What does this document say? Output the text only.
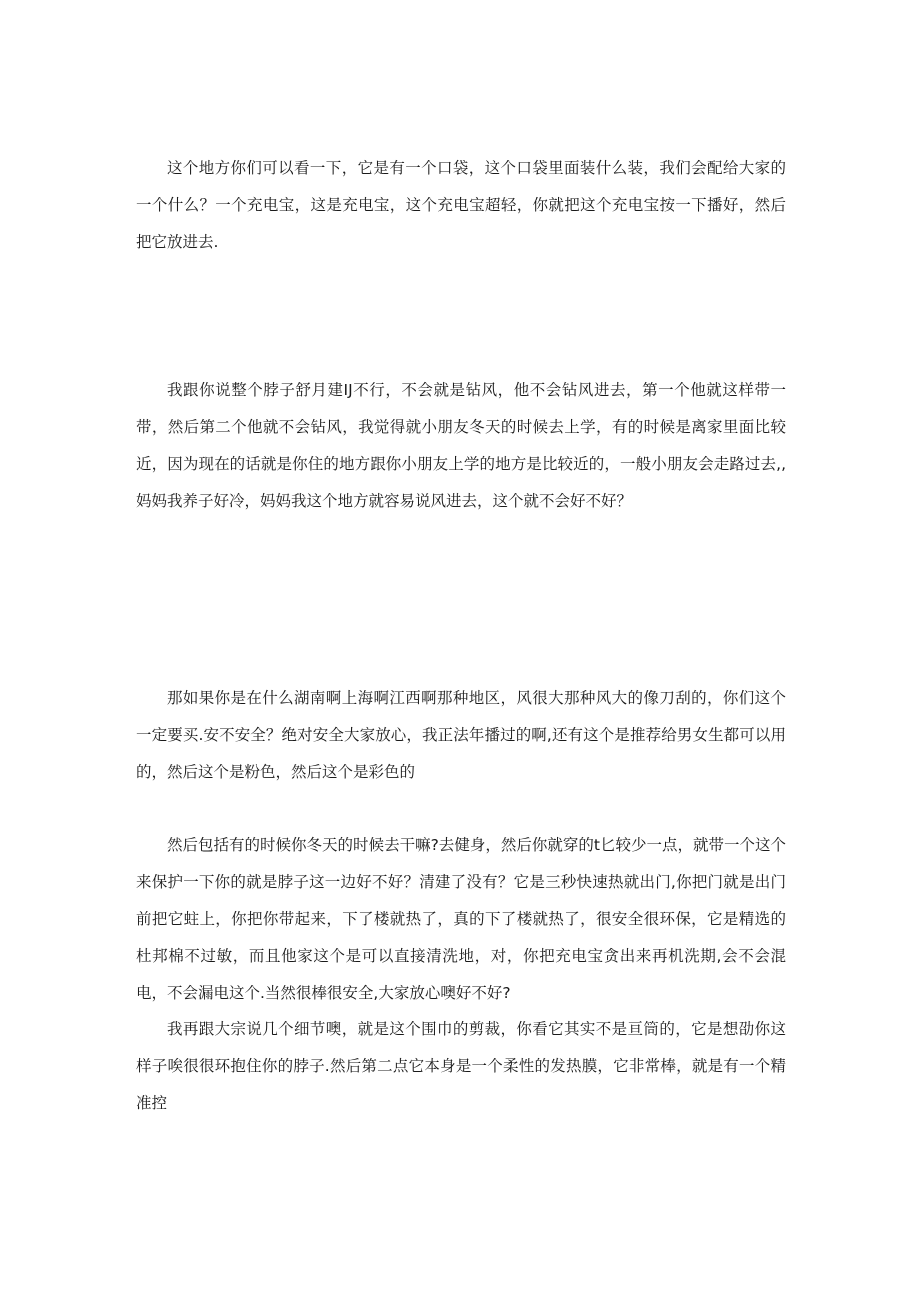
这个地方你们可以看一下，它是有一个口袋，这个口袋里面装什么装，我们会配给大家的一个什么？一个充电宝，这是充电宝，这个充电宝超轻，你就把这个充电宝按一下播好，然后把它放进去.

我跟你说整个脖子舒月建IJ不行，不会就是钻风，他不会钻风进去，第一个他就这样带一带，然后第二个他就不会钻风，我觉得就小朋友冬天的时候去上学，有的时候是离家里面比较近，因为现在的话就是你住的地方跟你小朋友上学的地方是比较近的，一般小朋友会走路过去,,妈妈我养子好冷，妈妈我这个地方就容易说风进去，这个就不会好不好？

那如果你是在什么湖南啊上海啊江西啊那种地区，风很大那种风大的像刀刮的，你们这个一定要买.安不安全？绝对安全大家放心，我正法年播过的啊,还有这个是推荐给男女生都可以用的，然后这个是粉色，然后这个是彩色的

然后包括有的时候你冬天的时候去干嘛?去健身，然后你就穿的t匕较少一点，就带一个这个来保护一下你的就是脖子这一边好不好？清建了没有？它是三秒快速热就出门,你把门就是出门前把它蛀上，你把你带起来，下了楼就热了，真的下了楼就热了，很安全很环保，它是精选的杜邦棉不过敏，而且他家这个是可以直接清洗地，对，你把充电宝贪出来再机洗期,会不会混电，不会漏电这个.当然很棒很安全,大家放心噢好不好?

我再跟大宗说几个细节噢，就是这个围巾的剪裁，你看它其实不是亘筒的，它是想劭你这样子唉很很环抱住你的脖子.然后第二点它本身是一个柔性的发热膜，它非常棒，就是有一个精准控
